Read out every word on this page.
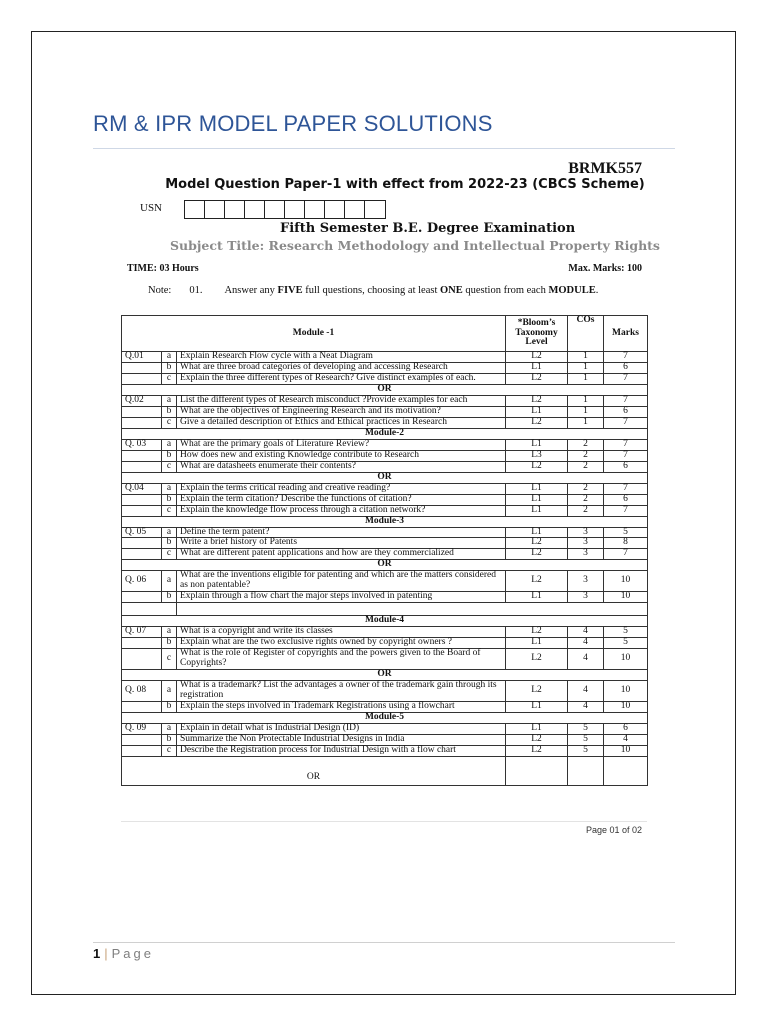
RM & IPR MODEL PAPER SOLUTIONS
BRMK557
Model Question Paper-1 with effect from 2022-23 (CBCS Scheme)
USN
Fifth Semester B.E. Degree Examination
Subject Title: Research Methodology and Intellectual Property Rights
TIME: 03 Hours	Max. Marks: 100
Note: 01. Answer any FIVE full questions, choosing at least ONE question from each MODULE.
Module -1			*Bloom’s Taxonomy Level	COs	Marks
Q.01	a	Explain Research Flow cycle with a Neat Diagram	L2	1	7
	b	What are three broad categories of developing and accessing Research	L1	1	6
	c	Explain the three different types of Research? Give distinct examples of each.	L2	1	7
OR					
Q.02	a	List the different types of Research misconduct ?Provide examples for each	L2	1	7
	b	What are the objectives of Engineering Research and its motivation?	L1	1	6
	c	Give a detailed description of Ethics and Ethical practices in Research	L2	1	7
Module-2					
Q. 03	a	What are the primary goals of Literature Review?	L1	2	7
	b	How does new and existing Knowledge contribute to Research	L3	2	7
	c	What are datasheets enumerate their contents?	L2	2	6
OR					
Q.04	a	Explain the terms critical reading and creative reading?	L1	2	7
	b	Explain the term citation? Describe the functions of citation?	L1	2	6
	c	Explain the knowledge flow process through a citation network?	L1	2	7
Module-3					
Q. 05	a	Define the term patent?	L1	3	5
	b	Write a brief history of Patents	L2	3	8
	c	What are different patent applications and how are they commercialized	L2	3	7
OR					
Q. 06	a	What are the inventions eligible for patenting and which are the matters considered as non patentable?	L2	3	10
	b	Explain through a flow chart the major steps involved in patenting	L1	3	10

Module-4					
Q. 07	a	What is a copyright and write its classes	L2	4	5
	b	Explain what are the two exclusive rights owned by copyright owners ?	L1	4	5
	c	What is the role of Register of copyrights and the powers given to the Board of Copyrights?	L2	4	10
OR					
Q. 08	a	What is a trademark? List the advantages a owner of the trademark gain through its registration	L2	4	10
	b	Explain the steps involved in Trademark Registrations using a flowchart	L1	4	10
Module-5					
Q. 09	a	Explain in detail what is Industrial Design (ID)	L1	5	6
	b	Summarize the Non Protectable Industrial Designs in India	L2	5	4
	c	Describe the Registration process for Industrial Design with a flow chart	L2	5	10
OR					
Page 01 of 02
1 | Page
